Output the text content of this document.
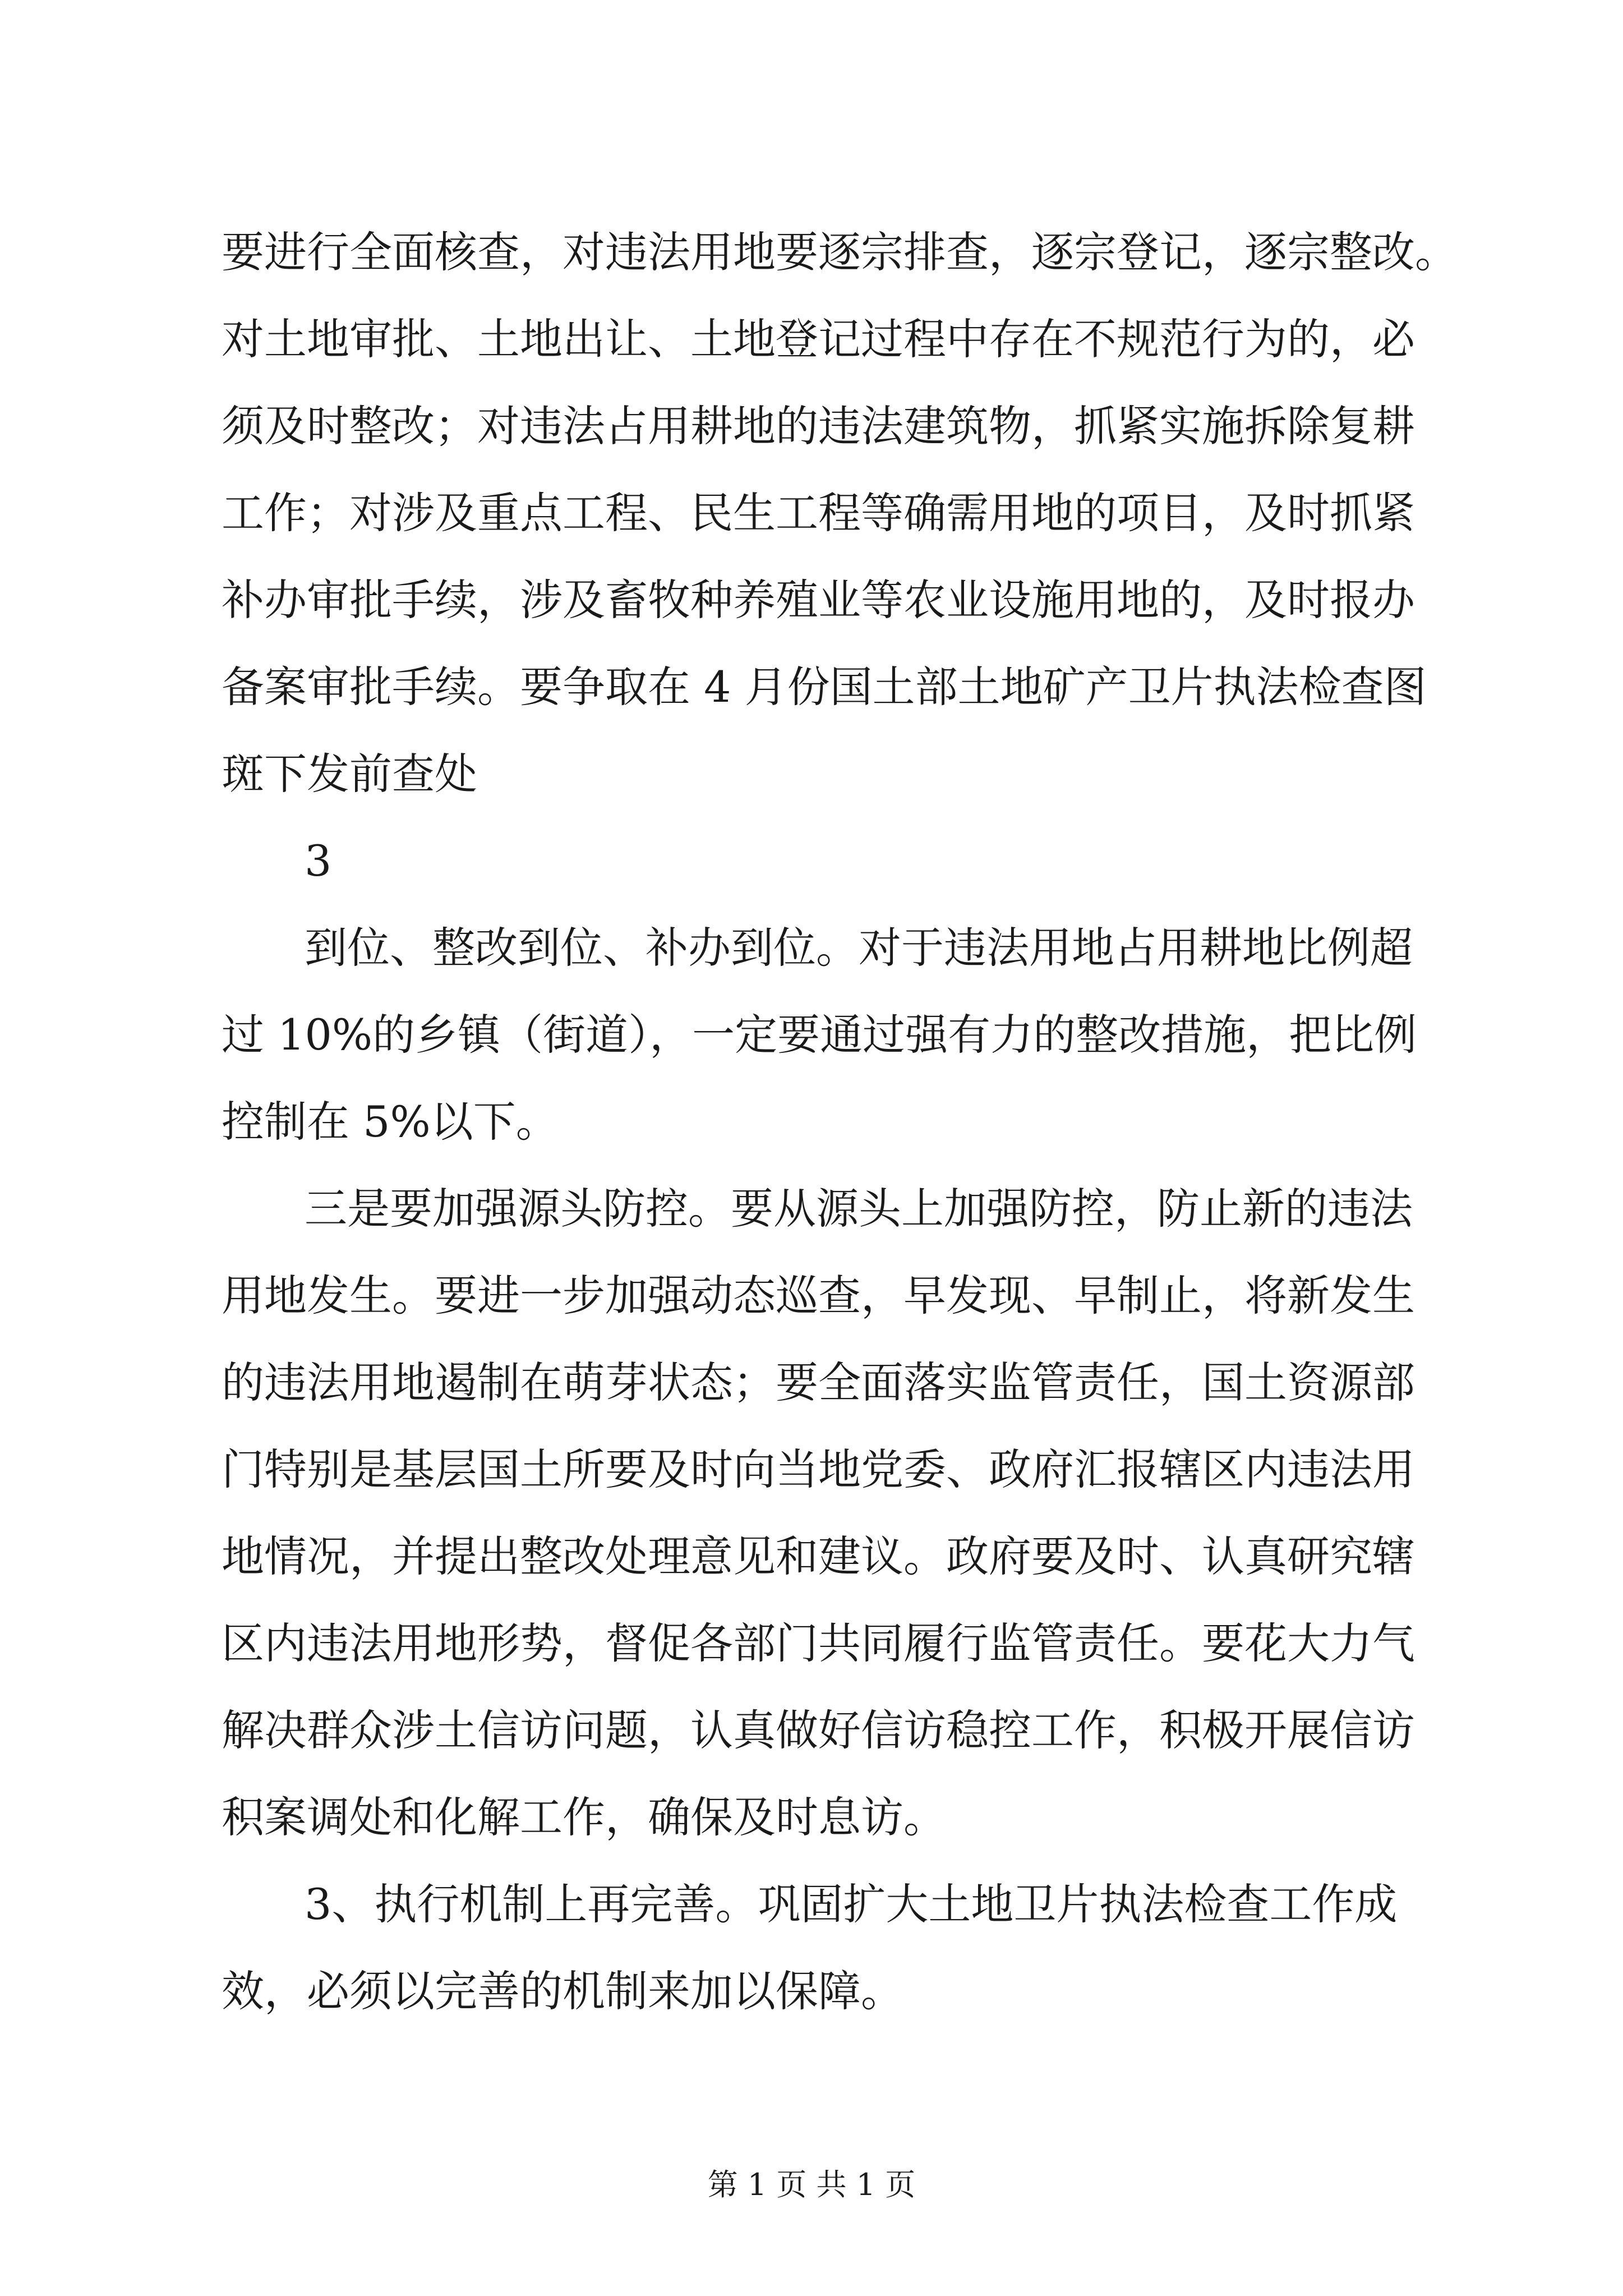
要进行全面核查，对违法用地要逐宗排查，逐宗登记，逐宗整改。

对土地审批、土地出让、土地登记过程中存在不规范行为的，必

须及时整改；对违法占用耕地的违法建筑物，抓紧实施拆除复耕

工作；对涉及重点工程、民生工程等确需用地的项目，及时抓紧

补办审批手续，涉及畜牧种养殖业等农业设施用地的，及时报办

备案审批手续。要争取在 4 月份国土部土地矿产卫片执法检查图

斑下发前查处

3

到位、整改到位、补办到位。对于违法用地占用耕地比例超

过 10%的乡镇（街道），一定要通过强有力的整改措施，把比例

控制在 5%以下。

三是要加强源头防控。要从源头上加强防控，防止新的违法

用地发生。要进一步加强动态巡查，早发现、早制止，将新发生

的违法用地遏制在萌芽状态；要全面落实监管责任，国土资源部

门特别是基层国土所要及时向当地党委、政府汇报辖区内违法用

地情况，并提出整改处理意见和建议。政府要及时、认真研究辖

区内违法用地形势，督促各部门共同履行监管责任。要花大力气

解决群众涉土信访问题，认真做好信访稳控工作，积极开展信访

积案调处和化解工作，确保及时息访。

3、执行机制上再完善。巩固扩大土地卫片执法检查工作成

效，必须以完善的机制来加以保障。

第 1 页 共 1 页
